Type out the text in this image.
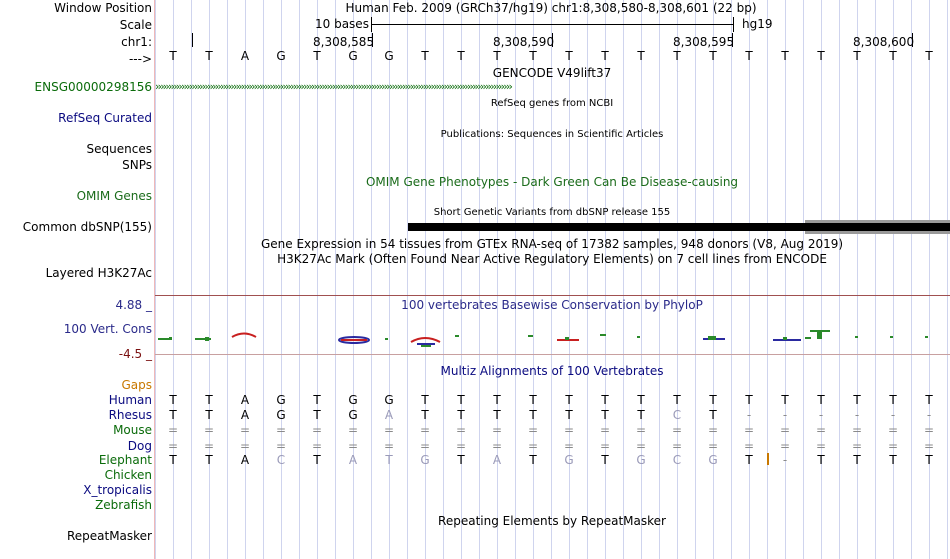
Window Position
Scale
chr1:
--->
ENSG00000298156
RefSeq Curated
Sequences
SNPs
OMIM Genes
Common dbSNP(155)
Layered H3K27Ac
4.88 _
100 Vert. Cons
-4.5 _
Gaps
Human
Rhesus
Mouse
Dog
Elephant
Chicken
X_tropicalis
Zebrafish
RepeatMasker
Human Feb. 2009 (GRCh37/hg19) chr1:8,308,580-8,308,601 (22 bp)
10 bases	hg19
8,308,585	8,308,590	8,308,595	8,308,600
T	T	A	G	T	G	G	T	T	T	T	T	T	T	T	T	T	T	T	T	T	T
GENCODE V49lift37
›››››››››››››››››››››››››››››››››››››››››››››››››››››››››››››››››››››››››››››››››››››››››››››››››››››››››››››››››››››››››››››››››››››››››
RefSeq genes from NCBI
Publications: Sequences in Scientific Articles
OMIM Gene Phenotypes - Dark Green Can Be Disease-causing
Short Genetic Variants from dbSNP release 155
Gene Expression in 54 tissues from GTEx RNA-seq of 17382 samples, 948 donors (V8, Aug 2019)
H3K27Ac Mark (Often Found Near Active Regulatory Elements) on 7 cell lines from ENCODE
100 vertebrates Basewise Conservation by PhyloP
Multiz Alignments of 100 Vertebrates
T	T	A	G	T	G	G	T	T	T	T	T	T	T	T	T	T	T	T	T	T	T
T	T	A	G	T	G	A	T	T	T	T	T	T	T	C	T	-	-	-	-	-	-
=	=	=	=	=	=	=	=	=	=	=	=	=	=	=	=	=	=	=	=	=	=
=	=	=	=	=	=	=	=	=	=	=	=	=	=	=	=	=	=	=	=	=	=
T	T	A	C	T	A	T	G	T	A	T	G	T	G	C	G	T	-	T	T	T	T
Repeating Elements by RepeatMasker
